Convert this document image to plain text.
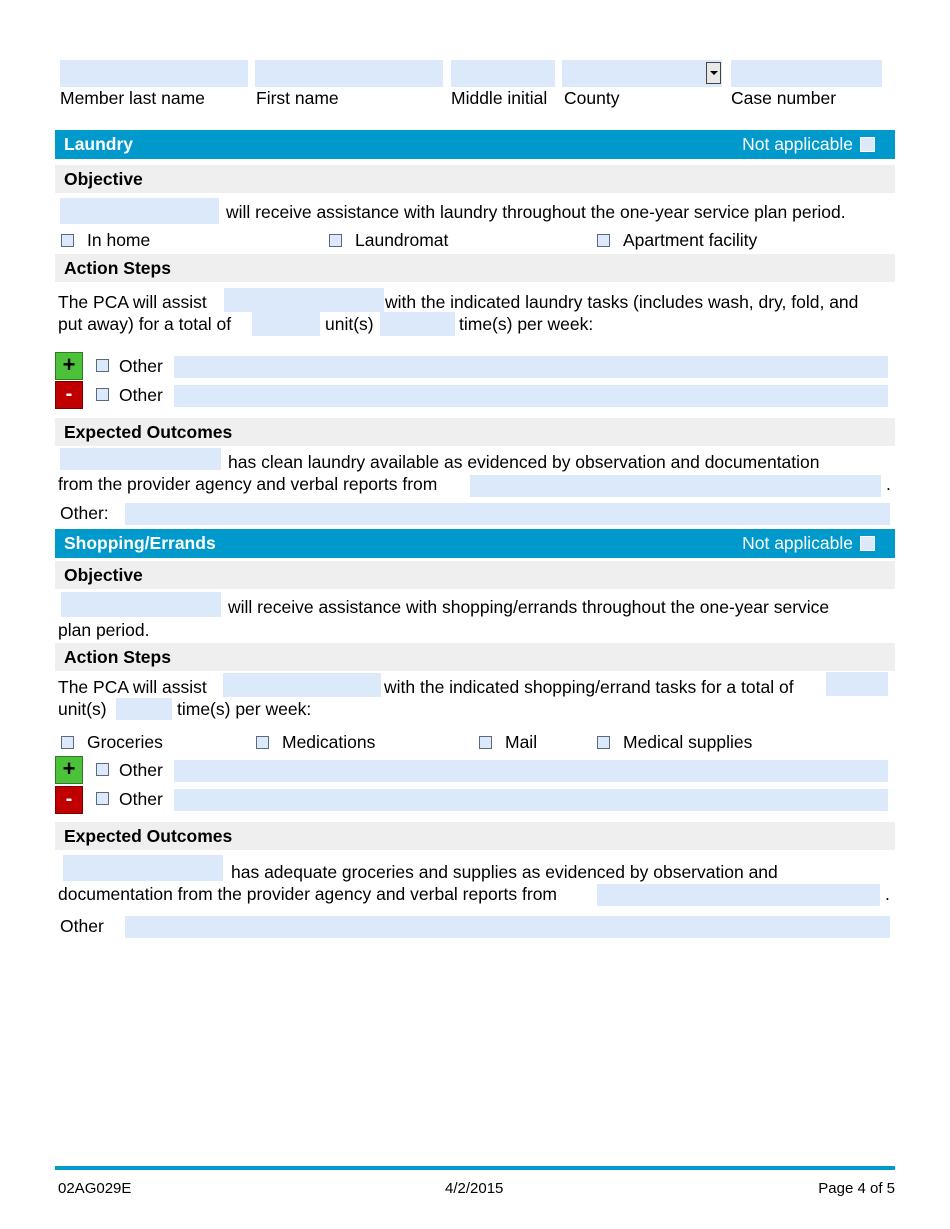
Member last name	First name	Middle initial County	Case number
Laundry	Not applicable
Objective
will receive assistance with laundry throughout the one-year service plan period.
In home	Laundromat	Apartment facility
Action Steps
The PCA will assist	with the indicated laundry tasks (includes wash, dry, fold, and
put away) for a total of	unit(s)	time(s) per week:
+	Other
-	Other
Expected Outcomes
has clean laundry available as evidenced by observation and documentation
from the provider agency and verbal reports from	.
Other:
Shopping/Errands	Not applicable
Objective
will receive assistance with shopping/errands throughout the one-year service
plan period.
Action Steps
The PCA will assist	with the indicated shopping/errand tasks for a total of
unit(s)	time(s) per week:
Groceries	Medications	Mail	Medical supplies
+	Other
-	Other
Expected Outcomes
has adequate groceries and supplies as evidenced by observation and
documentation from the provider agency and verbal reports from	.
Other
02AG029E	4/2/2015	Page 4 of 5
